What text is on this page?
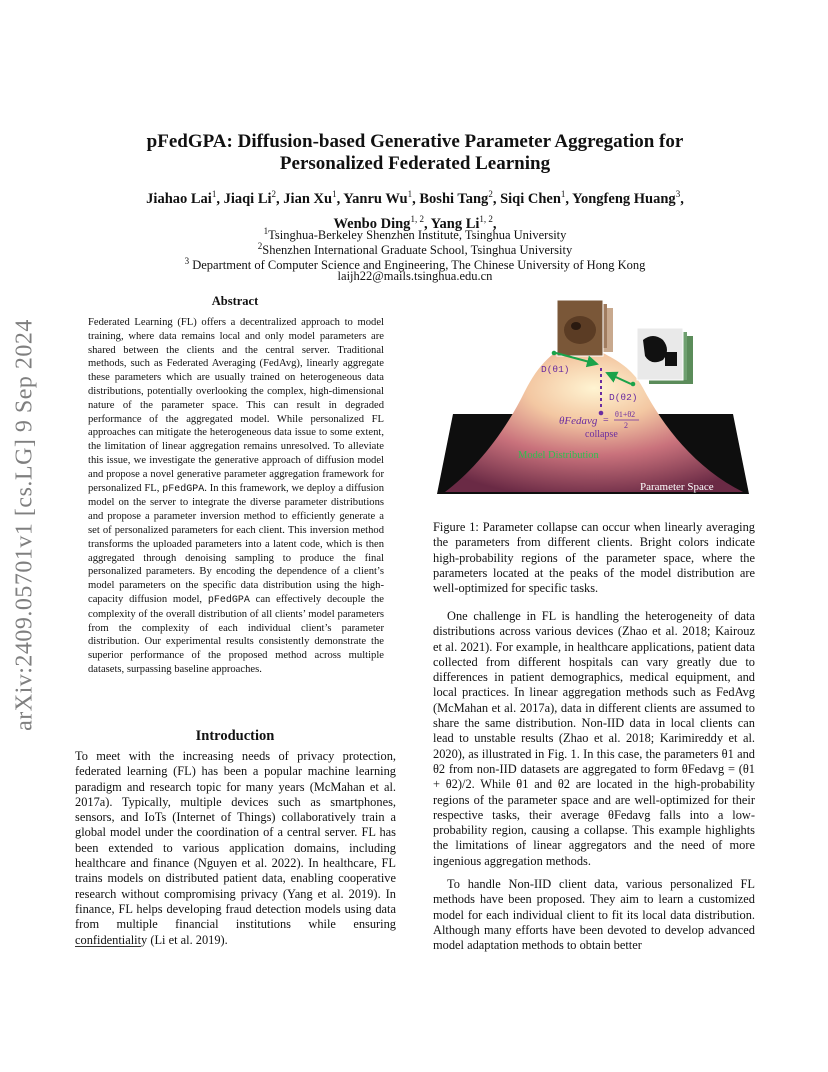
arXiv:2409.05701v1 [cs.LG] 9 Sep 2024
pFedGPA: Diffusion-based Generative Parameter Aggregation for
Personalized Federated Learning
Jiahao Lai$^1$, Jiaqi Li$^2$, Jian Xu$^1$, Yanru Wu$^1$, Boshi Tang$^2$, Siqi Chen$^1$, Yongfeng Huang$^3$,
Wenbo Ding$^{1, 2}$, Yang Li$^{1, 2}$,
$^1$Tsinghua-Berkeley Shenzhen Institute, Tsinghua University
$^2$Shenzhen International Graduate School, Tsinghua University
$^3$ Department of Computer Science and Engineering, The Chinese University of Hong Kong
laijh22@mails.tsinghua.edu.cn
Abstract
Federated Learning (FL) offers a decentralized approach to model training, where data remains local and only model parameters are shared between the clients and the central server. Traditional methods, such as Federated Averaging (FedAvg), linearly aggregate these parameters which are usually trained on heterogeneous data distributions, potentially overlooking the complex, high-dimensional nature of the parameter space. This can result in degraded performance of the aggregated model. While personalized FL approaches can mitigate the heterogeneous data issue to some extent, the limitation of linear aggregation remains unresolved. To alleviate this issue, we investigate the generative approach of diffusion model and propose a novel generative parameter aggregation framework for personalized FL, pFedGPA. In this framework, we deploy a diffusion model on the server to integrate the diverse parameter distributions and propose a parameter inversion method to efficiently generate a set of personalized parameters for each client. This inversion method transforms the uploaded parameters into a latent code, which is then aggregated through denoising sampling to produce the final personalized parameters. By encoding the dependence of a client’s model parameters on the specific data distribution using the high-capacity diffusion model, pFedGPA can effectively decouple the complexity of the overall distribution of all clients’ model parameters from the complexity of each individual client’s parameter distribution. Our experimental results consistently demonstrate the superior performance of the proposed method across multiple datasets, surpassing baseline approaches.
Introduction
To meet with the increasing needs of privacy protection, federated learning (FL) has been a popular machine learning paradigm and research topic for many years (McMahan et al. 2017a). Typically, multiple devices such as smartphones, sensors, and IoTs (Internet of Things) collaboratively train a global model under the coordination of a central server. FL has been extended to various application domains, including healthcare and finance (Nguyen et al. 2022). In healthcare, FL trains models on distributed patient data, enabling cooperative research without compromising privacy (Yang et al. 2019). In finance, FL helps developing fraud detection models using data from multiple financial institutions while ensuring confidentiality (Li et al. 2019).
D(θ1)
D(θ2)
θFedavg =
θ1+θ2
2
collapse
Model Distribution
Parameter Space
Figure 1: Parameter collapse can occur when linearly averaging the parameters from different clients. Bright colors indicate high-probability regions of the parameter space, where the parameters located at the peaks of the model distribution are well-optimized for specific tasks.

One challenge in FL is handling the heterogeneity of data distributions across various devices (Zhao et al. 2018; Kairouz et al. 2021). For example, in healthcare applications, patient data collected from different hospitals can vary greatly due to differences in patient demographics, medical equipment, and local practices. In linear aggregation methods such as FedAvg (McMahan et al. 2017a), data in different clients are assumed to share the same distribution. Non-IID data in local clients can lead to unstable results (Zhao et al. 2018; Karimireddy et al. 2020), as illustrated in Fig. 1. In this case, the parameters θ1 and θ2 from non-IID datasets are aggregated to form θFedavg = (θ1 + θ2)/2. While θ1 and θ2 are located in the high-probability regions of the parameter space and are well-optimized for their respective tasks, their average θFedavg falls into a low-probability region, causing a collapse. This example highlights the limitations of linear aggregators and the need of more ingenious aggregation methods.

To handle Non-IID client data, various personalized FL methods have been proposed. They aim to learn a customized model for each individual client to fit its local data distribution. Although many efforts have been devoted to develop advanced model adaptation methods to obtain better
